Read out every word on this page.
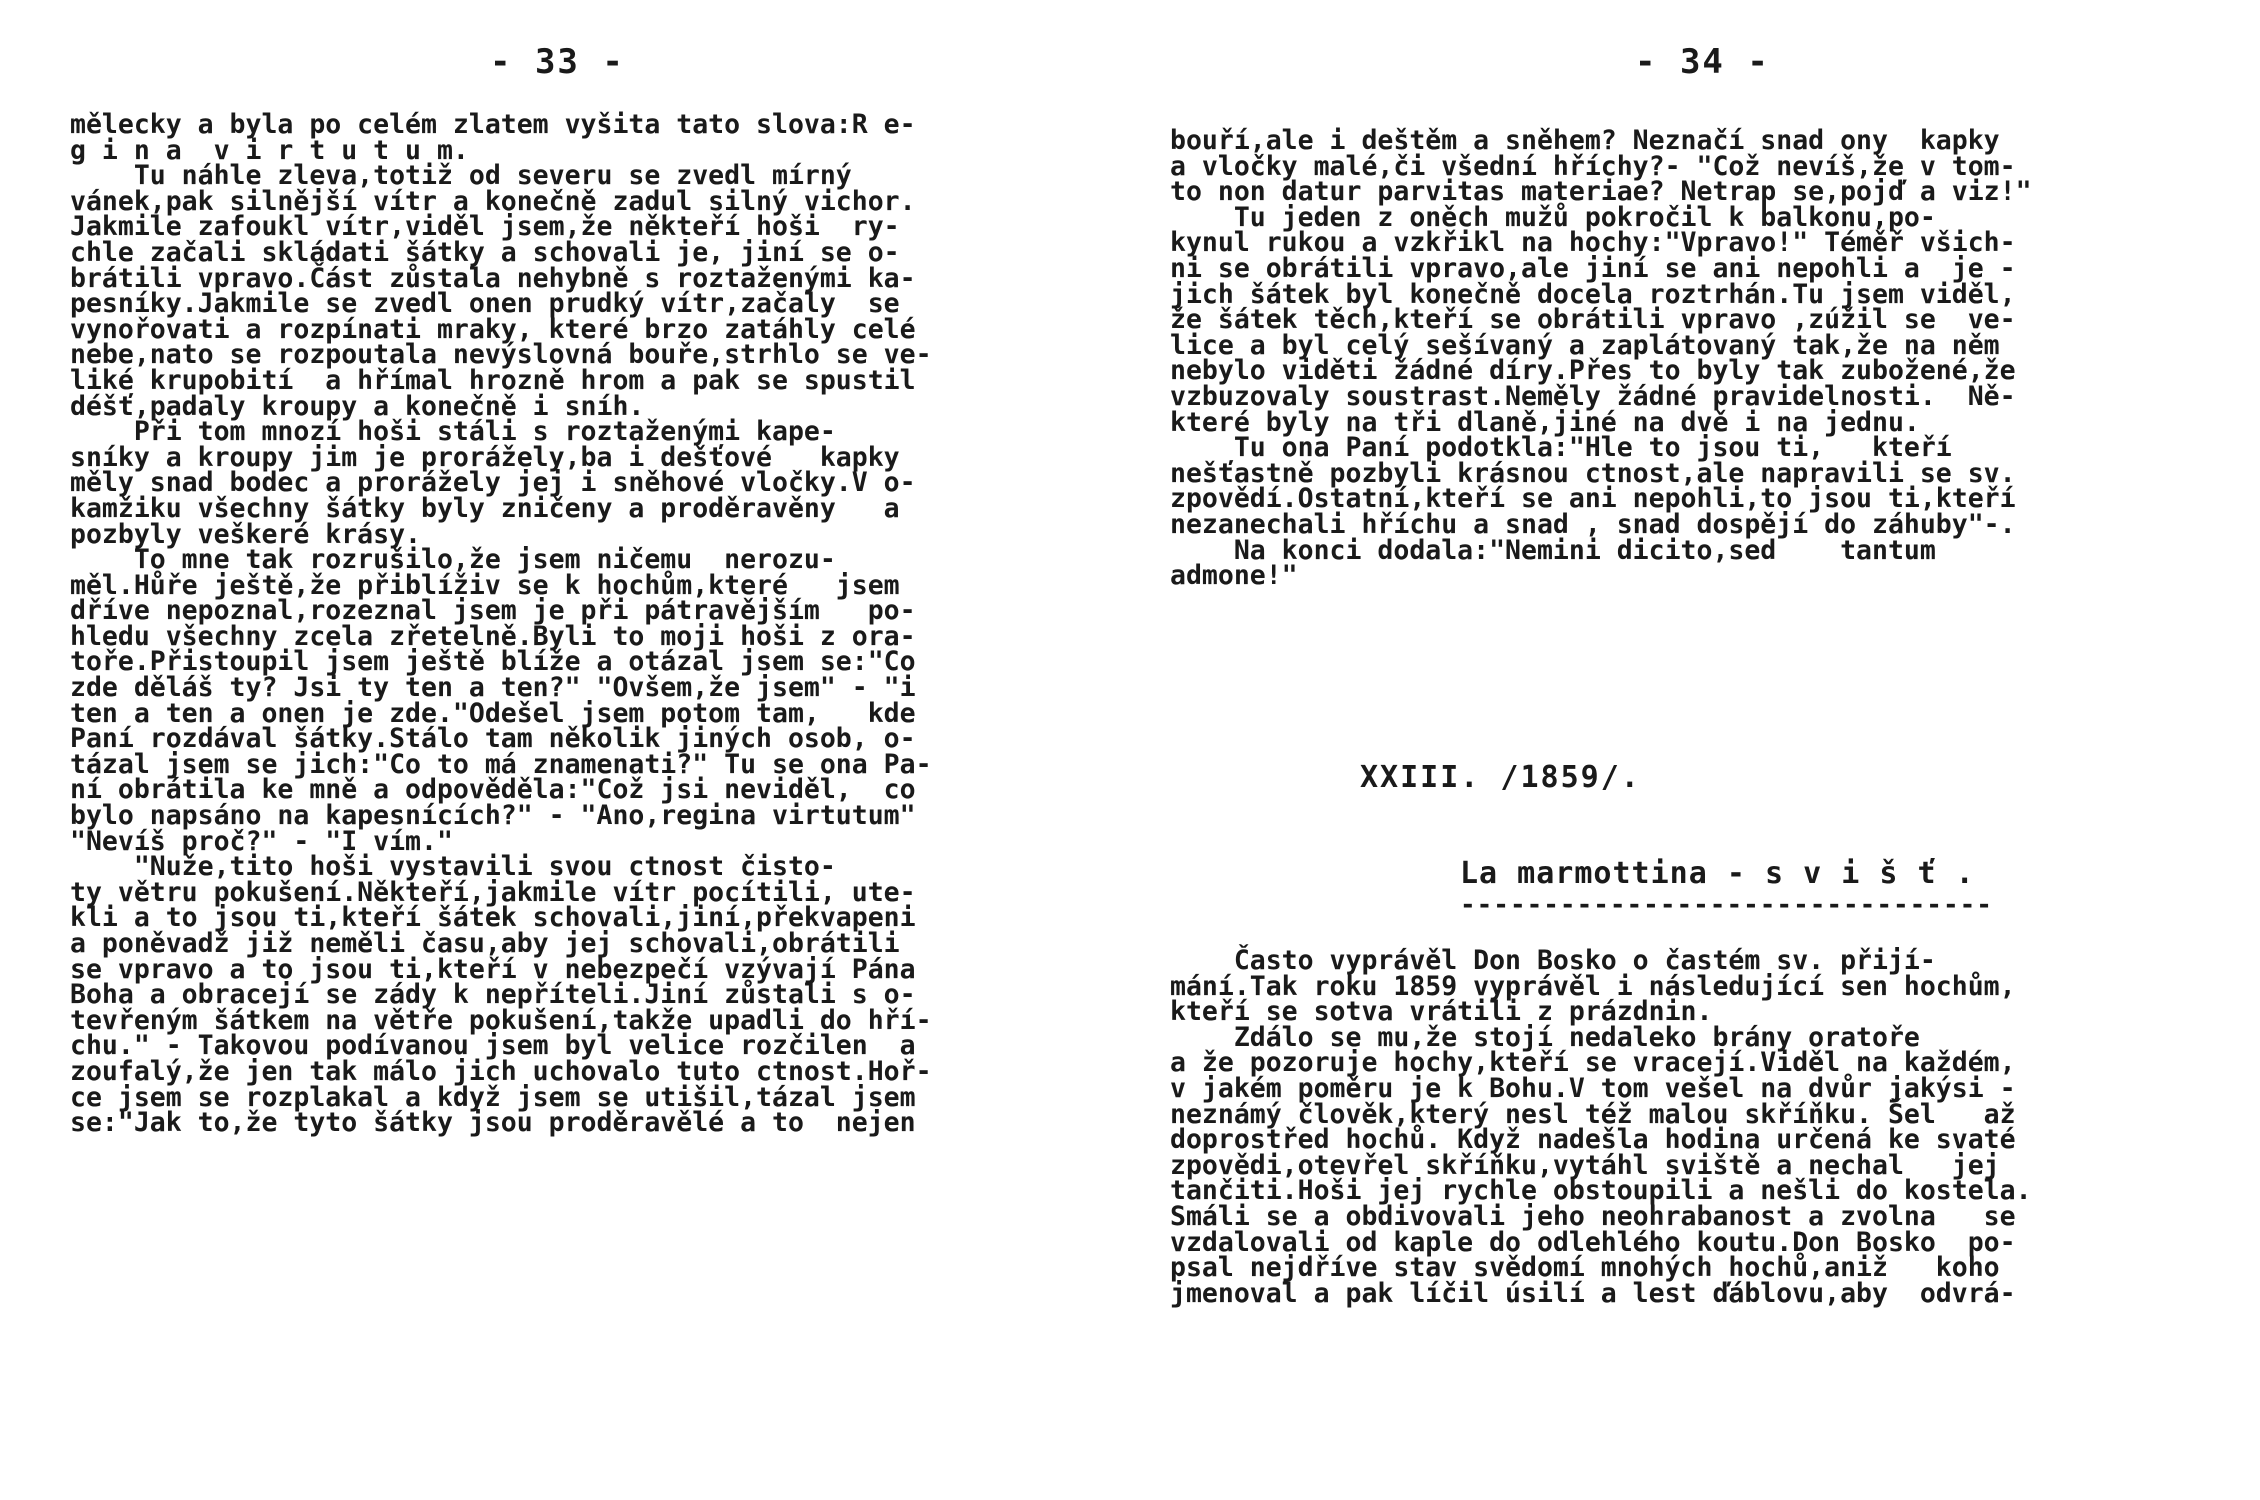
- 33 -
mělecky a byla po celém zlatem vyšita tato slova:R e-
g i n a  v i r t u t u m.
Tu náhle zleva,totiž od severu se zvedl mírný
vánek,pak silnější vítr a konečně zadul silný vichor.
Jakmile zafoukl vítr,viděl jsem,že někteří hoši  ry-
chle začali skládati šátky a schovali je, jiní se o-
brátili vpravo.Část zůstala nehybně s roztaženými ka-
pesníky.Jakmile se zvedl onen prudký vítr,začaly  se
vynořovati a rozpínati mraky, které brzo zatáhly celé
nebe,nato se rozpoutala nevýslovná bouře,strhlo se ve-
liké krupobití  a hřímal hrozně hrom a pak se spustil
déšť,padaly kroupy a konečně i sníh.
Při tom mnozí hoši stáli s roztaženými kape-
sníky a kroupy jim je prorážely,ba i dešťové   kapky
měly snad bodec a prorážely jej i sněhové vločky.V o-
kamžiku všechny šátky byly zničeny a proděravěny   a
pozbyly veškeré krásy.
To mne tak rozrušilo,že jsem ničemu  nerozu-
měl.Hůře ještě,že přiblíživ se k hochům,které   jsem
dříve nepoznal,rozeznal jsem je při pátravějším   po-
hledu všechny zcela zřetelně.Byli to moji hoši z ora-
toře.Přistoupil jsem ještě blíže a otázal jsem se:"Co
zde děláš ty? Jsi ty ten a ten?" "Ovšem,že jsem" - "i
ten a ten a onen je zde."Odešel jsem potom tam,   kde
Paní rozdával šátky.Stálo tam několik jiných osob, o-
tázal jsem se jich:"Co to má znamenati?" Tu se ona Pa-
ní obrátila ke mně a odpověděla:"Což jsi neviděl,  co
bylo napsáno na kapesnících?" - "Ano,regina virtutum"
"Nevíš proč?" - "I vím."
"Nuže,tito hoši vystavili svou ctnost čisto-
ty větru pokušení.Někteří,jakmile vítr pocítili, ute-
kli a to jsou ti,kteří šátek schovali,jiní,překvapeni
a poněvadž již neměli času,aby jej schovali,obrátili
se vpravo a to jsou ti,kteří v nebezpečí vzývají Pána
Boha a obracejí se zády k nepříteli.Jiní zůstali s o-
tevřeným šátkem na větře pokušení,takže upadli do hří-
chu." - Takovou podívanou jsem byl velice rozčilen  a
zoufalý,že jen tak málo jich uchovalo tuto ctnost.Hoř-
ce jsem se rozplakal a když jsem se utišil,tázal jsem
se:"Jak to,že tyto šátky jsou proděravělé a to  nejen
- 34 -
bouří,ale i deštěm a sněhem? Neznačí snad ony  kapky
a vločky malé,či všední hříchy?- "Což nevíš,že v tom-
to non datur parvitas materiae? Netrap se,pojď a viz!"
Tu jeden z oněch mužů pokročil k balkonu,po-
kynul rukou a vzkřikl na hochy:"Vpravo!" Téměř všich-
ni se obrátili vpravo,ale jiní se ani nepohli a  je -
jich šátek byl konečně docela roztrhán.Tu jsem viděl,
že šátek těch,kteří se obrátili vpravo ,zúžil se  ve-
lice a byl celý sešívaný a zaplátovaný tak,že na něm
nebylo viděti žádné díry.Přes to byly tak zubožené,že
vzbuzovaly soustrast.Neměly žádné pravidelnosti.  Ně-
které byly na tři dlaně,jiné na dvě i na jednu.
Tu ona Paní podotkla:"Hle to jsou ti,   kteří
nešťastně pozbyli krásnou ctnost,ale napravili se sv.
zpovědí.Ostatní,kteří se ani nepohli,to jsou ti,kteří
nezanechali hříchu a snad , snad dospějí do záhuby"-.
Na konci dodala:"Nemini dicito,sed    tantum
admone!"
XXIII. /1859/.
La marmottina - s v i š ť .
--------------------------------
Často vyprávěl Don Bosko o častém sv. přijí-
mání.Tak roku 1859 vyprávěl i následující sen hochům,
kteří se sotva vrátili z prázdnin.
Zdálo se mu,že stojí nedaleko brány oratoře
a že pozoruje hochy,kteří se vracejí.Viděl na každém,
v jakém poměru je k Bohu.V tom vešel na dvůr jakýsi -
neznámý člověk,který nesl též malou skříňku. Šel   až
doprostřed hochů. Když nadešla hodina určená ke svaté
zpovědi,otevřel skříňku,vytáhl sviště a nechal   jej
tančiti.Hoši jej rychle obstoupili a nešli do kostela.
Smáli se a obdivovali jeho neohrabanost a zvolna   se
vzdalovali od kaple do odlehlého koutu.Don Bosko  po-
psal nejdříve stav svědomí mnohých hochů,aniž   koho
jmenoval a pak líčil úsilí a lest ďáblovu,aby  odvrá-
